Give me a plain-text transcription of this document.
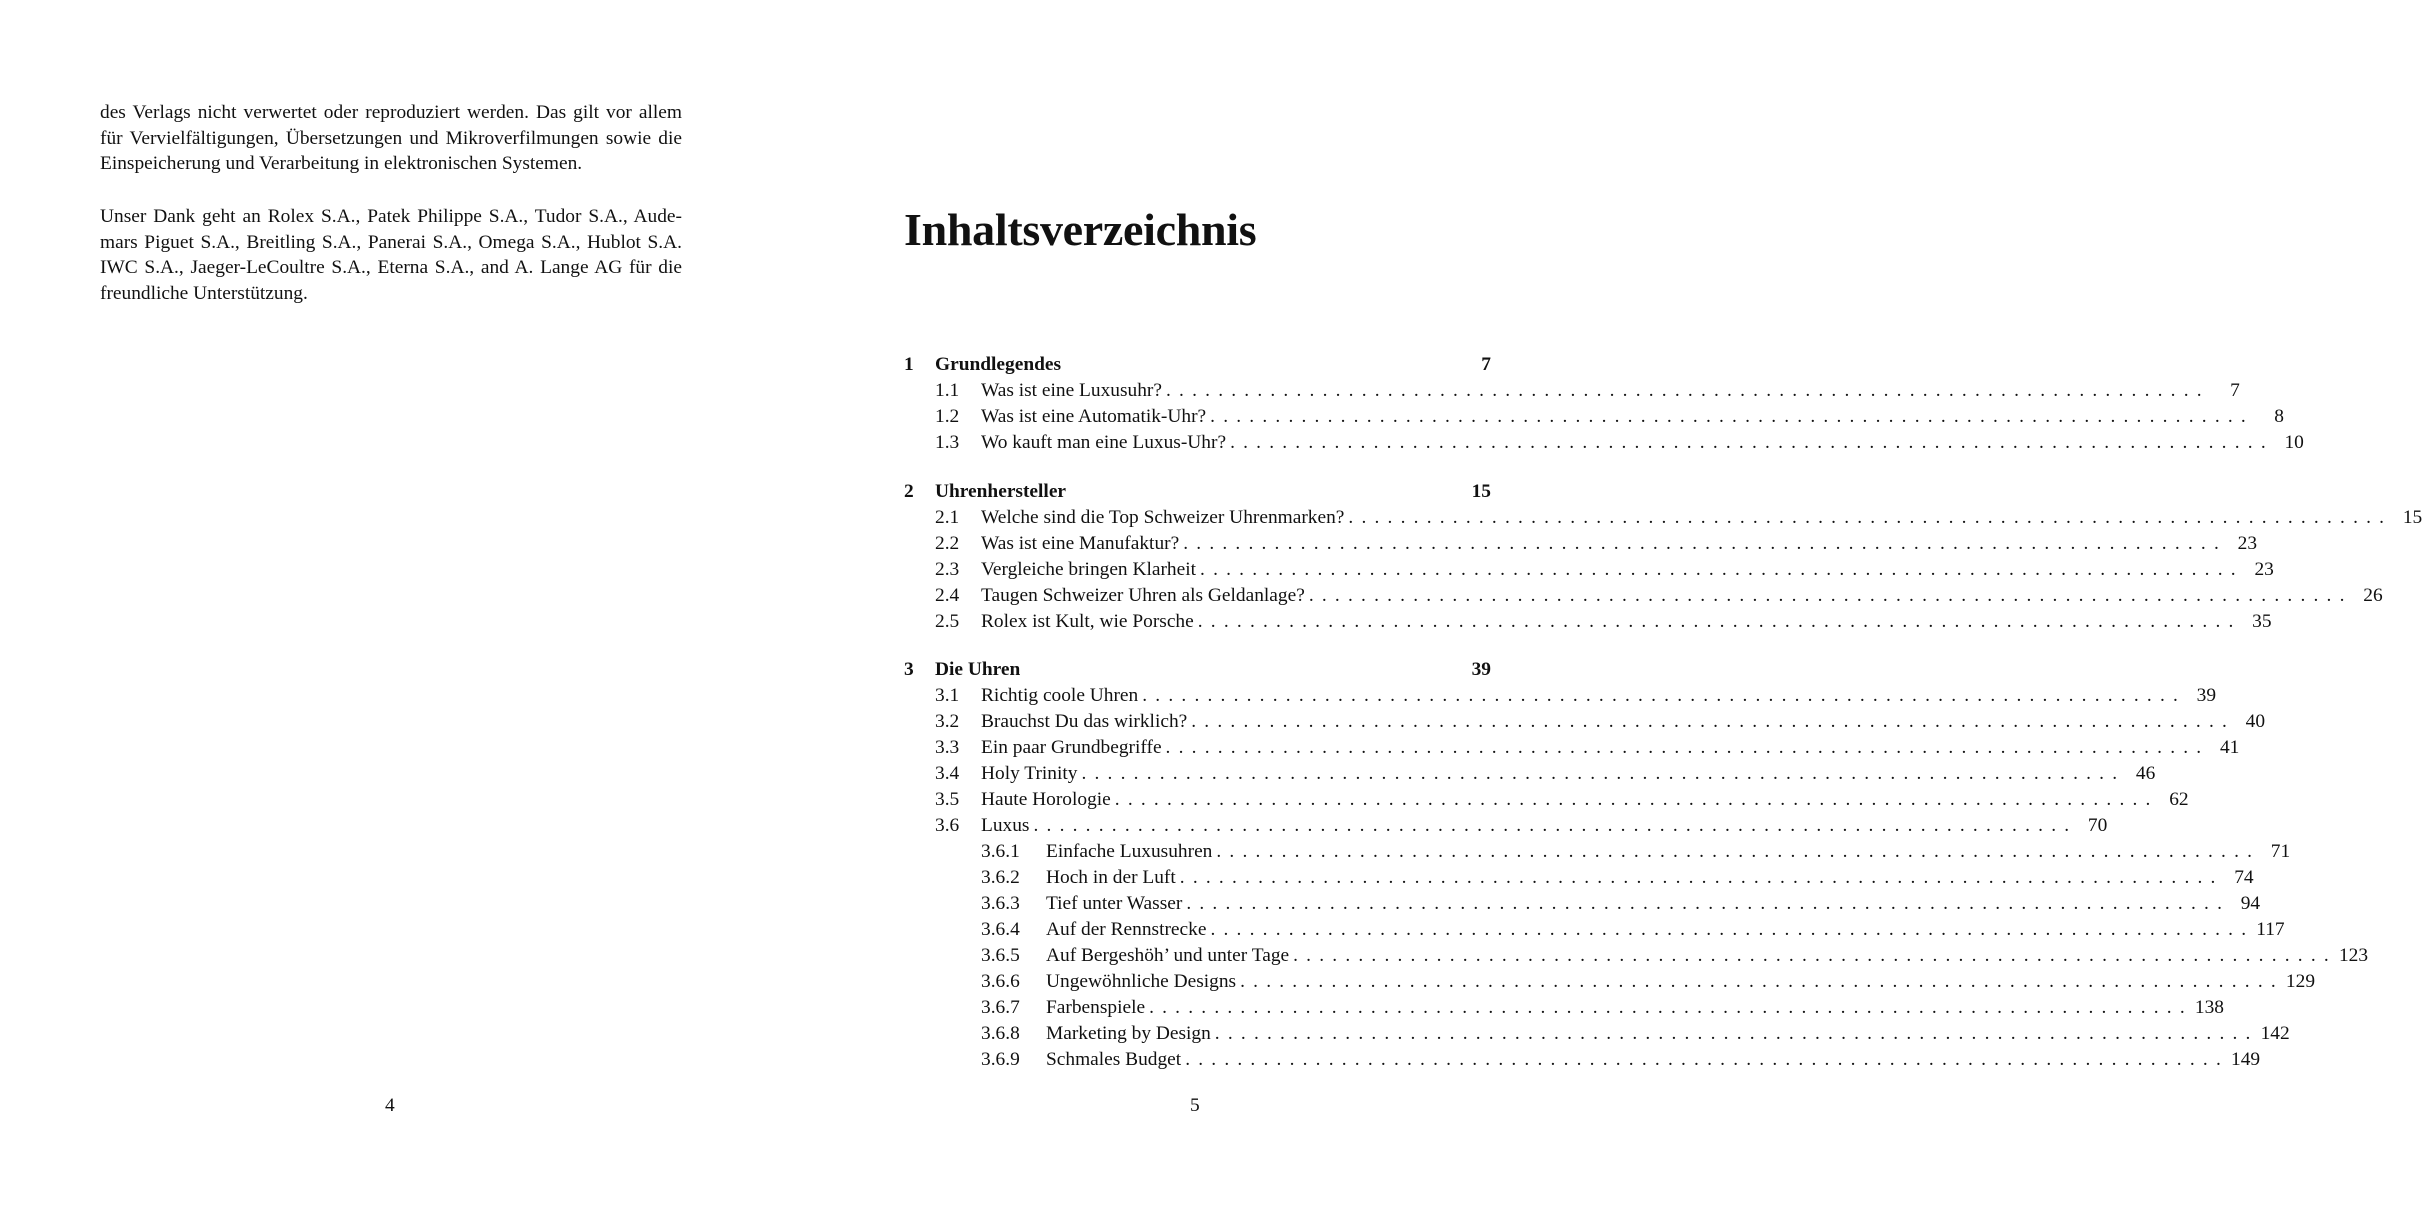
des Verlags nicht verwertet oder reproduziert werden. Das gilt vor allem
für Vervielfältigungen, Übersetzungen und Mikroverfilmungen sowie die
Einspeicherung und Verarbeitung in elektronischen Systemen.

Unser Dank geht an Rolex S.A., Patek Philippe S.A., Tudor S.A., Aude-
mars Piguet S.A., Breitling S.A., Panerai S.A., Omega S.A., Hublot S.A.
IWC S.A., Jaeger-LeCoultre S.A., Eterna S.A., and A. Lange AG für die
freundliche Unterstützung.

4
Inhaltsverzeichnis
1 Grundlegendes	7
1.1 Was ist eine Luxusuhr? ................................................................................	7
1.2 Was ist eine Automatik-Uhr? ................................................................................	8
1.3 Wo kauft man eine Luxus-Uhr? ................................................................................ 10
2 Uhrenhersteller	15
2.1 Welche sind die Top Schweizer Uhrenmarken? ................................................................................ 15
2.2 Was ist eine Manufaktur? ................................................................................ 23
2.3 Vergleiche bringen Klarheit ................................................................................ 23
2.4 Taugen Schweizer Uhren als Geldanlage? ................................................................................ 26
2.5 Rolex ist Kult, wie Porsche ................................................................................ 35
3 Die Uhren	39
3.1 Richtig coole Uhren ................................................................................ 39
3.2 Brauchst Du das wirklich? ................................................................................ 40
3.3 Ein paar Grundbegriffe ................................................................................ 41
3.4 Holy Trinity ................................................................................ 46
3.5 Haute Horologie ................................................................................ 62
3.6 Luxus ................................................................................ 70
3.6.1 Einfache Luxusuhren ................................................................................ 71
3.6.2 Hoch in der Luft ................................................................................ 74
3.6.3 Tief unter Wasser ................................................................................ 94
3.6.4 Auf der Rennstrecke ................................................................................ 117
3.6.5 Auf Bergeshöh’ und unter Tage ................................................................................ 123
3.6.6 Ungewöhnliche Designs ................................................................................ 129
3.6.7 Farbenspiele ................................................................................ 138
3.6.8 Marketing by Design ................................................................................ 142
3.6.9 Schmales Budget ................................................................................ 149
5
